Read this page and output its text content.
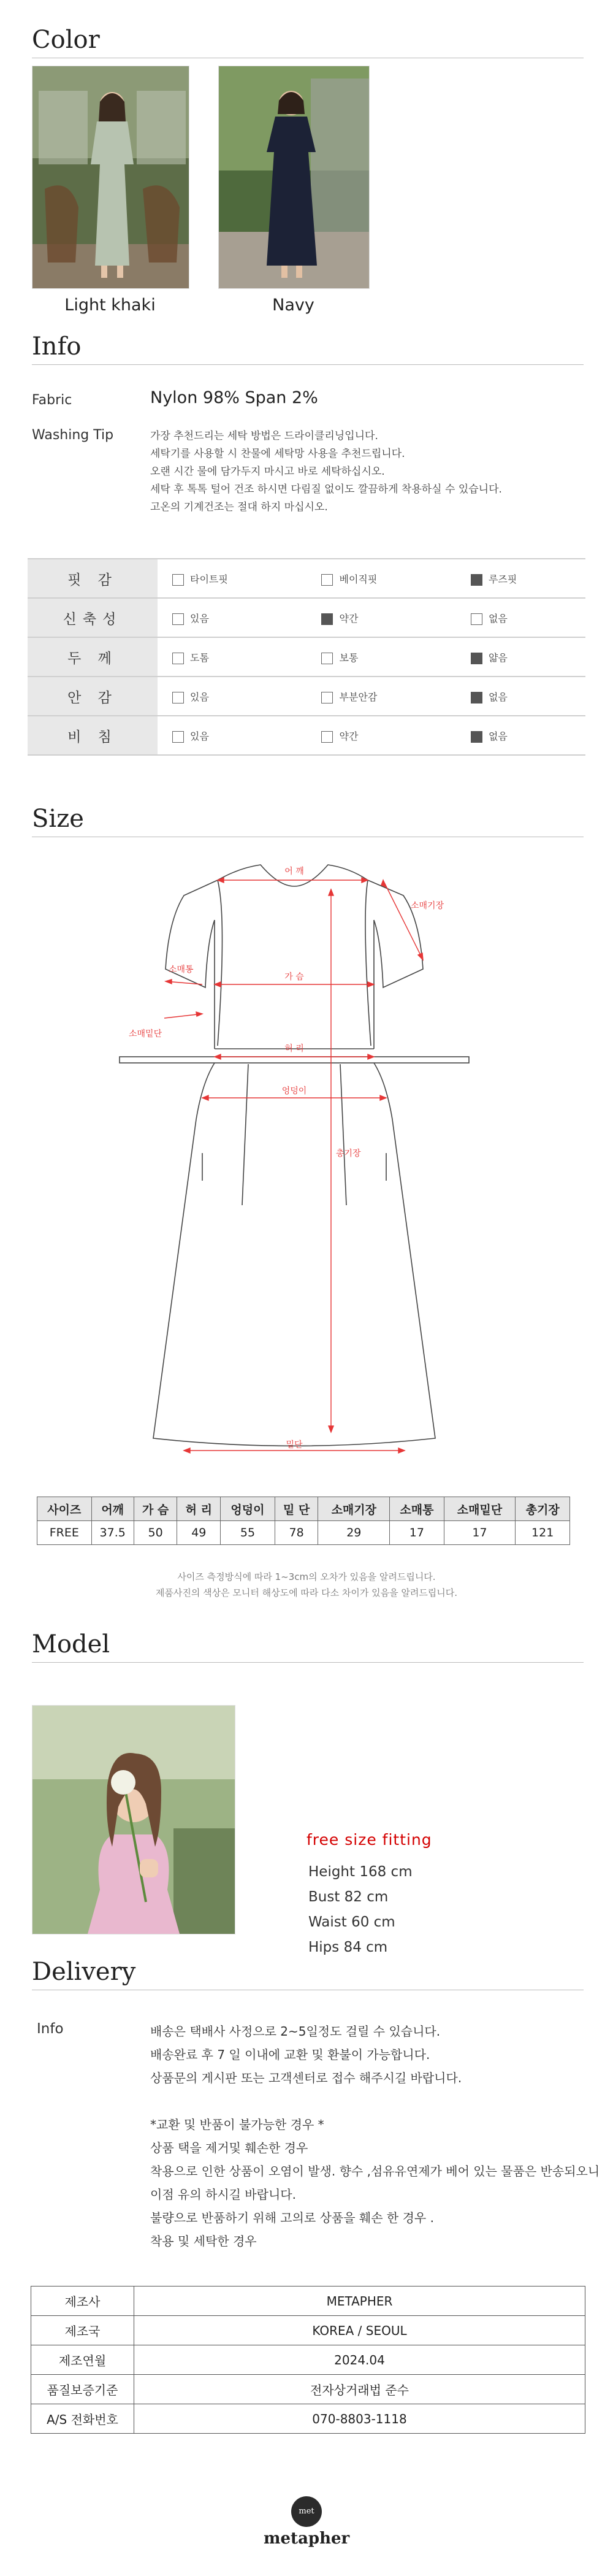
Color
Light khaki	Navy
Info
Fabric	Nylon 98% Span 2%
Washing Tip	가장 추천드리는 세탁 방법은 드라이클리닝입니다.
세탁기를 사용할 시 찬물에 세탁망 사용을 추천드립니다.
오랜 시간 물에 담가두지 마시고 바로 세탁하십시오.
세탁 후 톡톡 털어 건조 하시면 다림질 없이도 깔끔하게 착용하실 수 있습니다.
고온의 기계건조는 절대 하지 마십시오.
핏 감	타이트핏	베이직핏	루즈핏
신축성	있음	약간	없음
두 께	도톰	보통	얇음
안 감	있음	부분안감	없음
비 침	있음	약간	없음
Size
어 깨
가 슴
허 리
엉덩이
소매기장
소매통
소매밑단
총기장
밑단
사이즈	어깨	가 슴	허 리	엉덩이	밑 단	소매기장	소매통	소매밑단	총기장
FREE	37.5	50	49	55	78	29	17	17	121
사이즈 측정방식에 따라 1~3cm의 오차가 있음을 알려드립니다.
제품사진의 색상은 모니터 해상도에 따라 다소 차이가 있음을 알려드립니다.
Model
free size fitting
Height 168 cm
Bust 82 cm
Waist 60 cm
Hips 84 cm
Delivery
Info	배송은 택배사 사정으로 2~5일정도 걸릴 수 있습니다.
배송완료 후 7 일 이내에 교환 및 환불이 가능합니다.
상품문의 게시판 또는 고객센터로 접수 해주시길 바랍니다.
*교환 및 반품이 불가능한 경우 *
상품 택을 제거및 훼손한 경우
착용으로 인한 상품이 오염이 발생. 향수 ,섬유유연제가 베어 있는 물품은 반송되오니
이점 유의 하시길 바랍니다.
불량으로 반품하기 위해 고의로 상품을 훼손 한 경우 .
착용 및 세탁한 경우
제조사	METAPHER
제조국	KOREA / SEOUL
제조연월	2024.04
품질보증기준	전자상거래법 준수
A/S 전화번호	070-8803-1118
met
metapher
